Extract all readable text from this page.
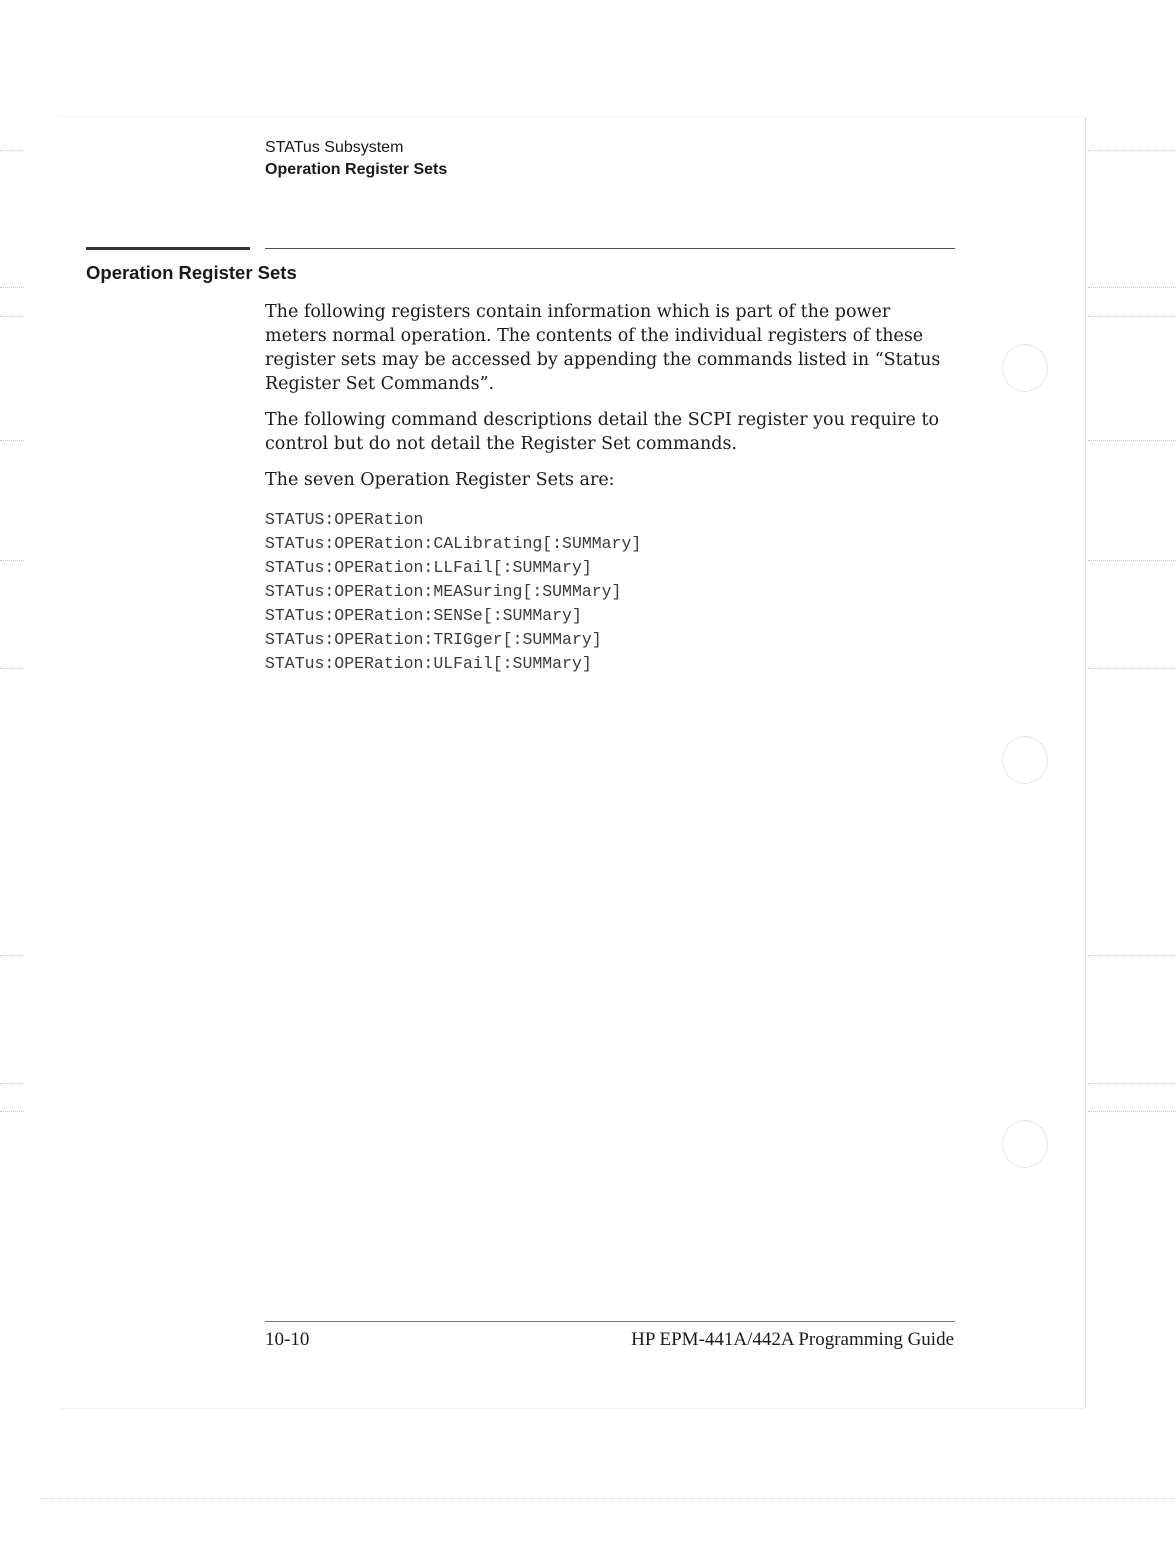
STATus Subsystem
Operation Register Sets
Operation Register Sets

The following registers contain information which is part of the power meters normal operation. The contents of the individual registers of these register sets may be accessed by appending the commands listed in “Status Register Set Commands”.

The following command descriptions detail the SCPI register you require to control but do not detail the Register Set commands.

The seven Operation Register Sets are:

STATUS:OPERation
STATus:OPERation:CALibrating[:SUMMary]
STATus:OPERation:LLFail[:SUMMary]
STATus:OPERation:MEASuring[:SUMMary]
STATus:OPERation:SENSe[:SUMMary]
STATus:OPERation:TRIGger[:SUMMary]
STATus:OPERation:ULFail[:SUMMary]
10-10	HP EPM-441A/442A Programming Guide
